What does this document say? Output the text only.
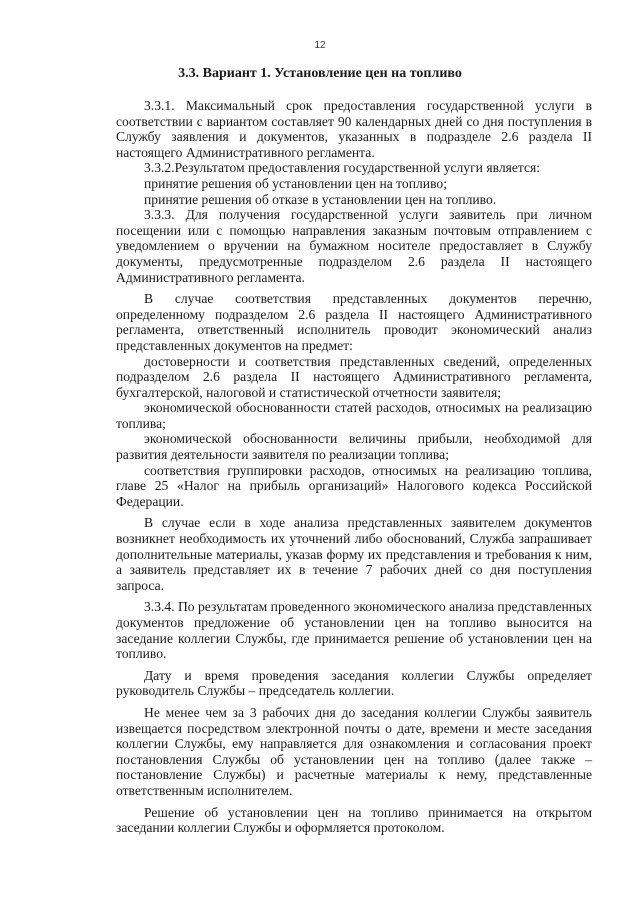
12
3.3. Вариант 1. Установление цен на топливо

3.3.1. Максимальный срок предоставления государственной услуги в соответствии с вариантом составляет 90 календарных дней со дня поступления в Службу заявления и документов, указанных в подразделе 2.6 раздела II настоящего Административного регламента.

3.3.2.Результатом предоставления государственной услуги является:

принятие решения об установлении цен на топливо;

принятие решения об отказе в установлении цен на топливо.

3.3.3. Для получения государственной услуги заявитель при личном посещении или с помощью направления заказным почтовым отправлением с уведомлением о вручении на бумажном носителе предоставляет в Службу документы, предусмотренные подразделом 2.6 раздела II настоящего Административного регламента.

В случае соответствия представленных документов перечню, определенному подразделом 2.6 раздела II настоящего Административного регламента, ответственный исполнитель проводит экономический анализ представленных документов на предмет:

достоверности и соответствия представленных сведений, определенных подразделом 2.6 раздела II настоящего Административного регламента, бухгалтерской, налоговой и статистической отчетности заявителя;

экономической обоснованности статей расходов, относимых на реализацию топлива;

экономической обоснованности величины прибыли, необходимой для развития деятельности заявителя по реализации топлива;

соответствия группировки расходов, относимых на реализацию топлива, главе 25 «Налог на прибыль организаций» Налогового кодекса Российской Федерации.

В случае если в ходе анализа представленных заявителем документов возникнет необходимость их уточнений либо обоснований, Служба запрашивает дополнительные материалы, указав форму их представления и требования к ним, а заявитель представляет их в течение 7 рабочих дней со дня поступления запроса.

3.3.4. По результатам проведенного экономического анализа представленных документов предложение об установлении цен на топливо выносится на заседание коллегии Службы, где принимается решение об установлении цен на топливо.

Дату и время проведения заседания коллегии Службы определяет руководитель Службы – председатель коллегии.

Не менее чем за 3 рабочих дня до заседания коллегии Службы заявитель извещается посредством электронной почты о дате, времени и месте заседания коллегии Службы, ему направляется для ознакомления и согласования проект постановления Службы об установлении цен на топливо (далее также – постановление Службы) и расчетные материалы к нему, представленные ответственным исполнителем.

Решение об установлении цен на топливо принимается на открытом заседании коллегии Службы и оформляется протоколом.
